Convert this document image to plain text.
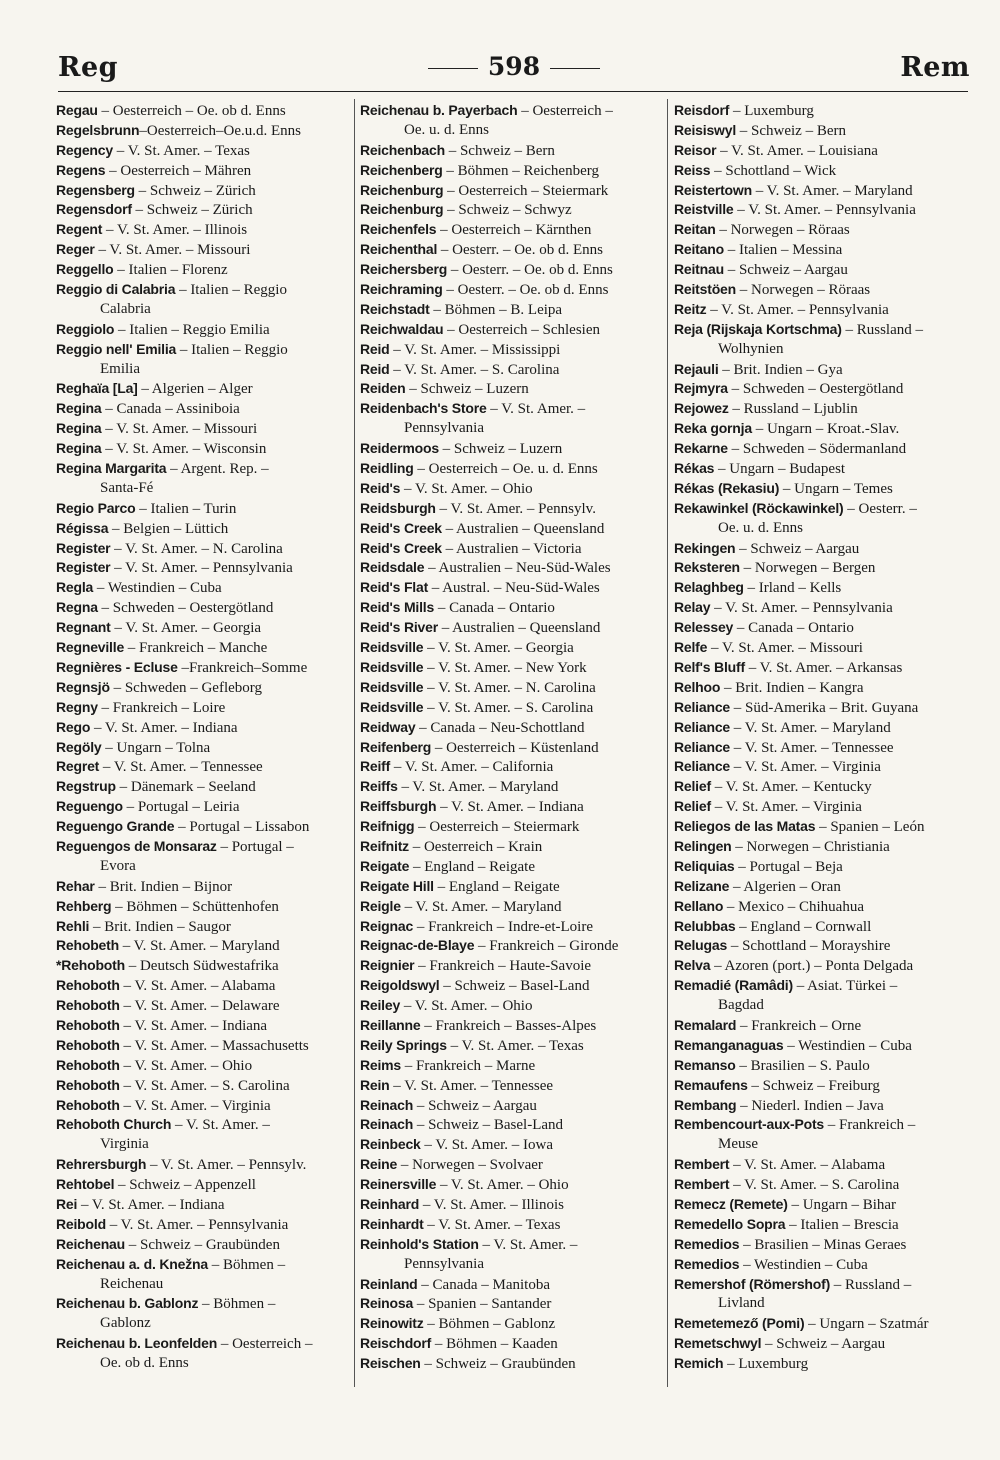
Reg	598	Rem
Regau – Oesterreich – Oe. ob d. Enns
Regelsbrunn–Oesterreich–Oe.u.d. Enns
Regency – V. St. Amer. – Texas
Regens – Oesterreich – Mähren
Regensberg – Schweiz – Zürich
Regensdorf – Schweiz – Zürich
Regent – V. St. Amer. – Illinois
Reger – V. St. Amer. – Missouri
Reggello – Italien – Florenz
Reggio di Calabria – Italien – Reggio
Calabria
Reggiolo – Italien – Reggio Emilia
Reggio nell' Emilia – Italien – Reggio
Emilia
Reghaïa [La] – Algerien – Alger
Regina – Canada – Assiniboia
Regina – V. St. Amer. – Missouri
Regina – V. St. Amer. – Wisconsin
Regina Margarita – Argent. Rep. –
Santa-Fé
Regio Parco – Italien – Turin
Régissa – Belgien – Lüttich
Register – V. St. Amer. – N. Carolina
Register – V. St. Amer. – Pennsylvania
Regla – Westindien – Cuba
Regna – Schweden – Oestergötland
Regnant – V. St. Amer. – Georgia
Regneville – Frankreich – Manche
Regnières - Ecluse –Frankreich–Somme
Regnsjö – Schweden – Gefleborg
Regny – Frankreich – Loire
Rego – V. St. Amer. – Indiana
Regöly – Ungarn – Tolna
Regret – V. St. Amer. – Tennessee
Regstrup – Dänemark – Seeland
Reguengo – Portugal – Leiria
Reguengo Grande – Portugal – Lissabon
Reguengos de Monsaraz – Portugal –
Evora
Rehar – Brit. Indien – Bijnor
Rehberg – Böhmen – Schüttenhofen
Rehli – Brit. Indien – Saugor
Rehobeth – V. St. Amer. – Maryland
*Rehoboth – Deutsch Südwestafrika
Rehoboth – V. St. Amer. – Alabama
Rehoboth – V. St. Amer. – Delaware
Rehoboth – V. St. Amer. – Indiana
Rehoboth – V. St. Amer. – Massachusetts
Rehoboth – V. St. Amer. – Ohio
Rehoboth – V. St. Amer. – S. Carolina
Rehoboth – V. St. Amer. – Virginia
Rehoboth Church – V. St. Amer. –
Virginia
Rehrersburgh – V. St. Amer. – Pennsylv.
Rehtobel – Schweiz – Appenzell
Rei – V. St. Amer. – Indiana
Reibold – V. St. Amer. – Pennsylvania
Reichenau – Schweiz – Graubünden
Reichenau a. d. Knežna – Böhmen –
Reichenau
Reichenau b. Gablonz – Böhmen –
Gablonz
Reichenau b. Leonfelden – Oesterreich –
Oe. ob d. Enns
Reichenau b. Payerbach – Oesterreich –
Oe. u. d. Enns
Reichenbach – Schweiz – Bern
Reichenberg – Böhmen – Reichenberg
Reichenburg – Oesterreich – Steiermark
Reichenburg – Schweiz – Schwyz
Reichenfels – Oesterreich – Kärnthen
Reichenthal – Oesterr. – Oe. ob d. Enns
Reichersberg – Oesterr. – Oe. ob d. Enns
Reichraming – Oesterr. – Oe. ob d. Enns
Reichstadt – Böhmen – B. Leipa
Reichwaldau – Oesterreich – Schlesien
Reid – V. St. Amer. – Mississippi
Reid – V. St. Amer. – S. Carolina
Reiden – Schweiz – Luzern
Reidenbach's Store – V. St. Amer. –
Pennsylvania
Reidermoos – Schweiz – Luzern
Reidling – Oesterreich – Oe. u. d. Enns
Reid's – V. St. Amer. – Ohio
Reidsburgh – V. St. Amer. – Pennsylv.
Reid's Creek – Australien – Queensland
Reid's Creek – Australien – Victoria
Reidsdale – Australien – Neu-Süd-Wales
Reid's Flat – Austral. – Neu-Süd-Wales
Reid's Mills – Canada – Ontario
Reid's River – Australien – Queensland
Reidsville – V. St. Amer. – Georgia
Reidsville – V. St. Amer. – New York
Reidsville – V. St. Amer. – N. Carolina
Reidsville – V. St. Amer. – S. Carolina
Reidway – Canada – Neu-Schottland
Reifenberg – Oesterreich – Küstenland
Reiff – V. St. Amer. – California
Reiffs – V. St. Amer. – Maryland
Reiffsburgh – V. St. Amer. – Indiana
Reifnigg – Oesterreich – Steiermark
Reifnitz – Oesterreich – Krain
Reigate – England – Reigate
Reigate Hill – England – Reigate
Reigle – V. St. Amer. – Maryland
Reignac – Frankreich – Indre-et-Loire
Reignac-de-Blaye – Frankreich – Gironde
Reignier – Frankreich – Haute-Savoie
Reigoldswyl – Schweiz – Basel-Land
Reiley – V. St. Amer. – Ohio
Reillanne – Frankreich – Basses-Alpes
Reily Springs – V. St. Amer. – Texas
Reims – Frankreich – Marne
Rein – V. St. Amer. – Tennessee
Reinach – Schweiz – Aargau
Reinach – Schweiz – Basel-Land
Reinbeck – V. St. Amer. – Iowa
Reine – Norwegen – Svolvaer
Reinersville – V. St. Amer. – Ohio
Reinhard – V. St. Amer. – Illinois
Reinhardt – V. St. Amer. – Texas
Reinhold's Station – V. St. Amer. –
Pennsylvania
Reinland – Canada – Manitoba
Reinosa – Spanien – Santander
Reinowitz – Böhmen – Gablonz
Reischdorf – Böhmen – Kaaden
Reischen – Schweiz – Graubünden
Reisdorf – Luxemburg
Reisiswyl – Schweiz – Bern
Reisor – V. St. Amer. – Louisiana
Reiss – Schottland – Wick
Reistertown – V. St. Amer. – Maryland
Reistville – V. St. Amer. – Pennsylvania
Reitan – Norwegen – Röraas
Reitano – Italien – Messina
Reitnau – Schweiz – Aargau
Reitstöen – Norwegen – Röraas
Reitz – V. St. Amer. – Pennsylvania
Reja (Rijskaja Kortschma) – Russland –
Wolhynien
Rejauli – Brit. Indien – Gya
Rejmyra – Schweden – Oestergötland
Rejowez – Russland – Ljublin
Reka gornja – Ungarn – Kroat.-Slav.
Rekarne – Schweden – Södermanland
Rékas – Ungarn – Budapest
Rékas (Rekasiu) – Ungarn – Temes
Rekawinkel (Röckawinkel) – Oesterr. –
Oe. u. d. Enns
Rekingen – Schweiz – Aargau
Reksteren – Norwegen – Bergen
Relaghbeg – Irland – Kells
Relay – V. St. Amer. – Pennsylvania
Relessey – Canada – Ontario
Relfe – V. St. Amer. – Missouri
Relf's Bluff – V. St. Amer. – Arkansas
Relhoo – Brit. Indien – Kangra
Reliance – Süd-Amerika – Brit. Guyana
Reliance – V. St. Amer. – Maryland
Reliance – V. St. Amer. – Tennessee
Reliance – V. St. Amer. – Virginia
Relief – V. St. Amer. – Kentucky
Relief – V. St. Amer. – Virginia
Reliegos de las Matas – Spanien – León
Relingen – Norwegen – Christiania
Reliquias – Portugal – Beja
Relizane – Algerien – Oran
Rellano – Mexico – Chihuahua
Relubbas – England – Cornwall
Relugas – Schottland – Morayshire
Relva – Azoren (port.) – Ponta Delgada
Remadié (Ramâdi) – Asiat. Türkei –
Bagdad
Remalard – Frankreich – Orne
Remanganaguas – Westindien – Cuba
Remanso – Brasilien – S. Paulo
Remaufens – Schweiz – Freiburg
Rembang – Niederl. Indien – Java
Rembencourt-aux-Pots – Frankreich –
Meuse
Rembert – V. St. Amer. – Alabama
Rembert – V. St. Amer. – S. Carolina
Remecz (Remete) – Ungarn – Bihar
Remedello Sopra – Italien – Brescia
Remedios – Brasilien – Minas Geraes
Remedios – Westindien – Cuba
Remershof (Römershof) – Russland –
Livland
Remetemező (Pomi) – Ungarn – Szatmár
Remetschwyl – Schweiz – Aargau
Remich – Luxemburg
